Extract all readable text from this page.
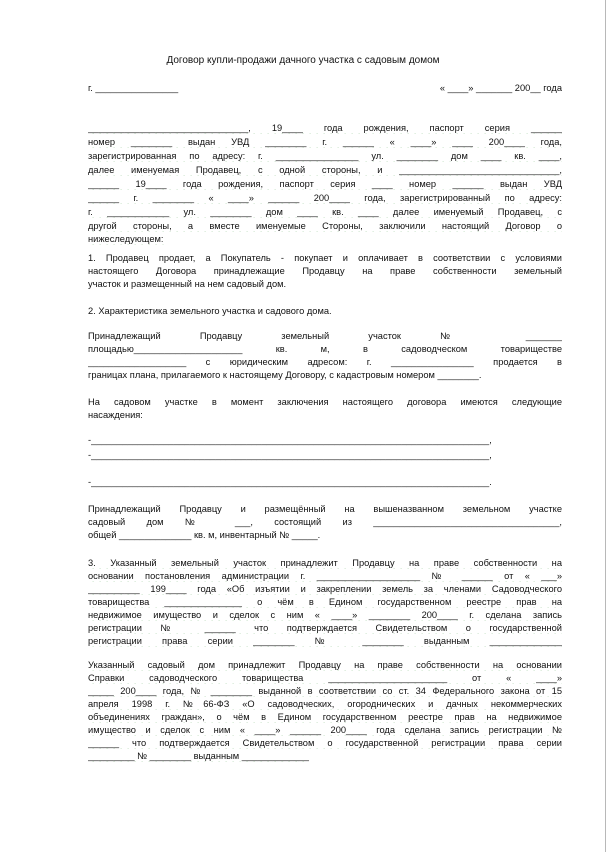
Договор купли-продажи дачного участка с садовым домом
г. ________________	« ____» _______ 200__ года
_______________________________, 19____ года рождения, паспорт серия ______
номер ________ выдан УВД ________ г. ______ « ____» ____ 200____ года,
зарегистрированная по адресу: г. ________________ ул. ________ дом ____ кв. ____,
далее именуемая Продавец, с одной стороны, и _______________________________,
______ 19____ года рождения, паспорт серия ____ номер ______ выдан УВД
______ г. ________ « ____» ______ 200____ года, зарегистрированный по адресу:
г. ____________ ул. ________ дом ____ кв. ____ далее именуемый Продавец, с
другой стороны, а вместе именуемые Стороны, заключили настоящий Договор о
нижеследующем:
1. Продавец продает, а Покупатель - покупает и оплачивает в соответствии с условиями
настоящего Договора принадлежащие Продавцу на праве собственности земельный
участок и размещенный на нем садовый дом.
2. Характеристика земельного участка и садового дома.
Принадлежащий Продавцу земельный участок № _______
площадью_____________________ кв. м, в садоводческом товариществе
___________________ с юридическим адресом: г. ________________ продается в
границах плана, прилагаемого к настоящему Договору, с кадастровым номером ________.
На садовом участке в момент заключения настоящего договора имеются следующие
насаждения:
-_____________________________________________________________________________,
-_____________________________________________________________________________,
-_____________________________________________________________________________.
Принадлежащий Продавцу и размещённый на вышеназванном земельном участке
садовый дом № ___, состоящий из ____________________________________,
общей ______________ кв. м, инвентарный № _____.
3. Указанный земельный участок принадлежит Продавцу на праве собственности на
основании постановления администрации г. ____________________ № ______ от « ___»
__________ 199____ года «Об изъятии и закреплении земель за членами Садоводческого
товарищества _______________ о чём в Едином государственном реестре прав на
недвижимое имущество и сделок с ним « ____» ________ 200____ г. сделана запись
регистрации № ______ что подтверждается Свидетельством о государственной
регистрации права серии ________ № ________ выданным ______________
Указанный садовый дом принадлежит Продавцу на праве собственности на основании
Справки садоводческого товарищества _______________________ от « ____»
_____ 200____ года, № ________ выданной в соответствии со ст. 34 Федерального закона от 15
апреля 1998 г. №66-ФЗ «О садоводческих, огороднических и дачных некоммерческих
объединениях граждан», о чём в Едином государственном реестре прав на недвижимое
имущество и сделок с ним « ____» ______ 200____ года сделана запись регистрации №
______ что подтверждается Свидетельством о государственной регистрации права серии
_________ № ________ выданным _____________
